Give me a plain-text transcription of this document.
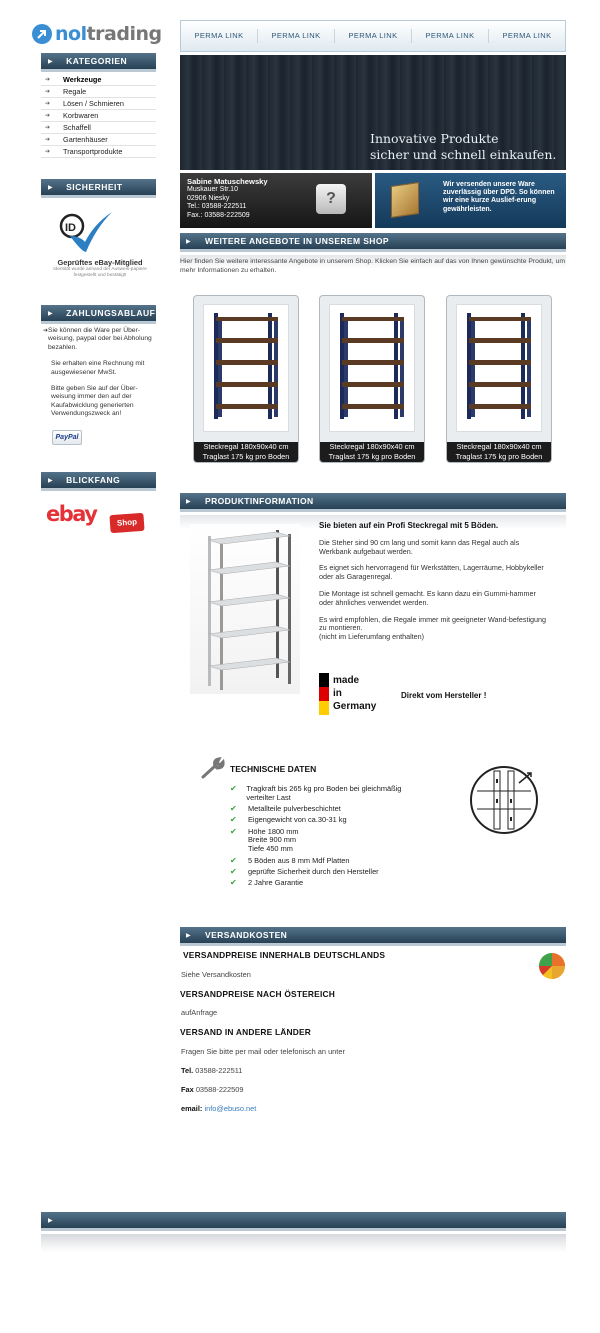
noltrading
▶ KATEGORIEN
➔ Werkzeuge
➔ Regale
➔ Lösen / Schmieren
➔ Korbwaren
➔ Schaffell
➔ Gartenhäuser
➔ Transportprodukte
▶ SICHERHEIT
ID
Geprüftes eBay-Mitglied
Identität wurde anhand der Ausweis-papiere festgestellt und bestätigt!
▶ ZAHLUNGSABLAUF
➔ Sie können die Ware per Über-weisung, paypal oder bei Abholung bezahlen.
Sie erhalten eine Rechnung mit ausgewiesener MwSt.
Bitte geben Sie auf der Über-weisung immer den auf der Kaufabwicklung generierten Verwendungszweck an!
PayPal
▶ BLICKFANG
ebay	Shop
PERMA LINK	PERMA LINK	PERMA LINK	PERMA LINK	PERMA LINK
Innovative Produkte
sicher und schnell einkaufen.
Sabine Matuschewsky
Muskauer Str.10
02906 Niesky
Tel.: 03588-222511
Fax.: 03588-222509
?
Wir versenden unsere Ware zuverlässig über DPD. So können wir eine kurze Auslief-erung gewährleisten.
▶ WEITERE ANGEBOTE IN UNSEREM SHOP
Hier finden Sie weitere interessante Angebote in unserem Shop. Klicken Sie einfach auf das von Ihnen gewünschte Produkt, um mehr Informationen zu erhalten.
Steckregal 180x90x40 cm
Traglast 175 kg pro Boden
Steckregal 180x90x40 cm
Traglast 175 kg pro Boden
Steckregal 180x90x40 cm
Traglast 175 kg pro Boden
▶ PRODUKTINFORMATION

Sie bieten auf ein Profi Steckregal mit 5 Böden.

Die Steher sind 90 cm lang und somit kann das Regal auch als Werkbank aufgebaut werden.

Es eignet sich hervorragend für Werkstätten, Lagerräume, Hobbykeller oder als Garagenregal.

Die Montage ist schnell gemacht. Es kann dazu ein Gummi-hammer oder ähnliches verwendet werden.

Es wird empfohlen, die Regale immer mit geeigneter Wand-befestigung zu montieren.

(nicht im Lieferumfang enthalten)

made
in
Germany
Direkt vom Hersteller !
TECHNISCHE DATEN
✔	Tragkraft bis 265 kg pro Boden bei gleichmäßig verteilter Last
✔	Metallteile pulverbeschichtet
✔	Eigengewicht von ca.30-31 kg
✔	Höhe 1800 mm
Breite 900 mm
Tiefe 450 mm
✔	5 Böden aus 8 mm Mdf Platten
✔	geprüfte Sicherheit durch den Hersteller
✔	2 Jahre Garantie
▶ VERSANDKOSTEN
VERSANDPREISE INNERHALB DEUTSCHLANDS
Siehe Versandkosten
VERSANDPREISE NACH ÖSTEREICH
aufAnfrage
VERSAND IN ANDERE LÄNDER
Fragen Sie bitte per mail oder telefonisch an unter
Tel. 03588-222511
Fax 03588-222509
email: info@ebuso.net
▶
